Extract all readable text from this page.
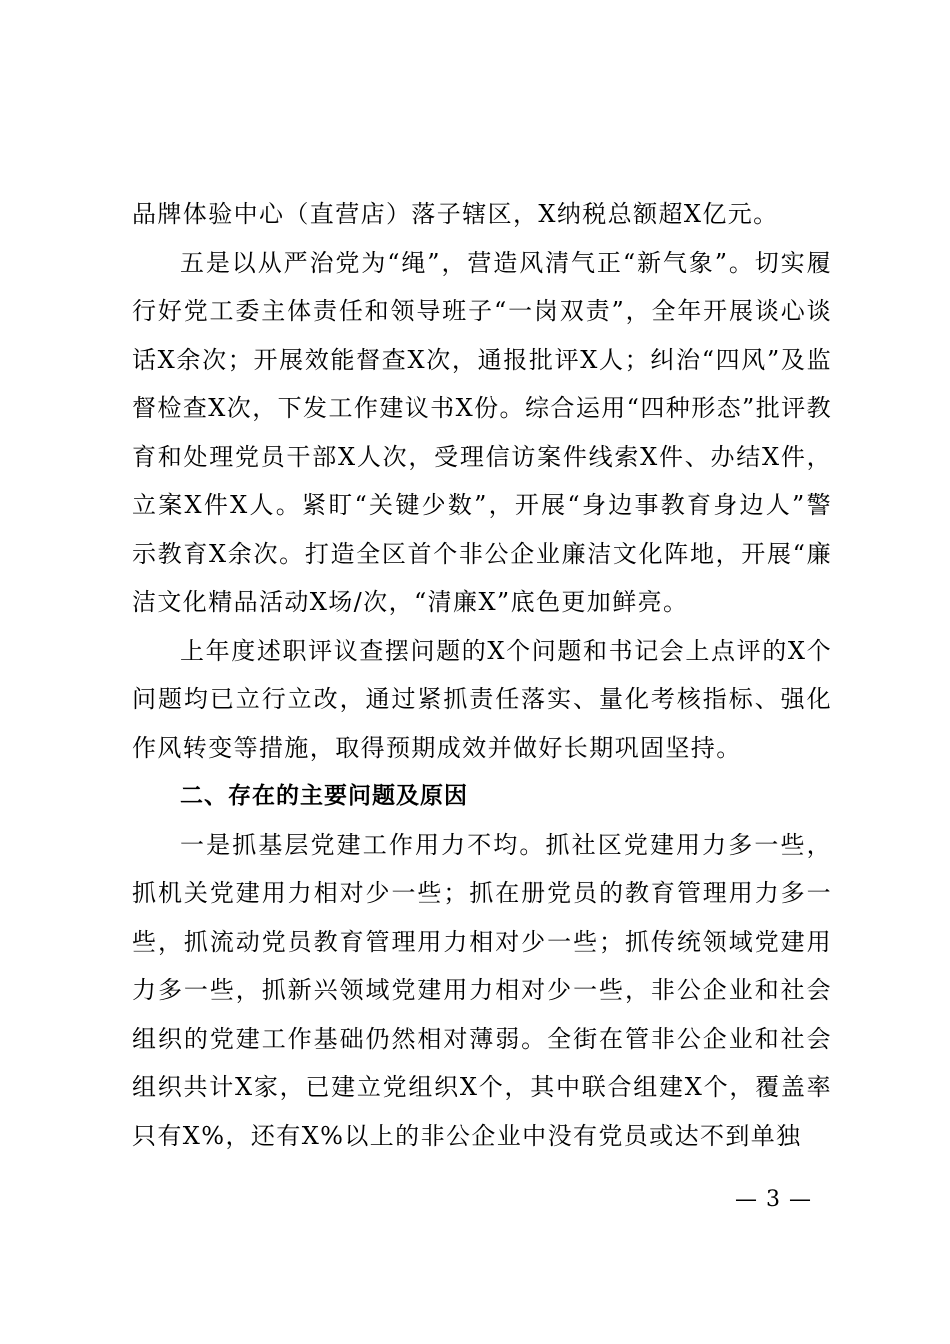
品牌体验中心（直营店）落子辖区，X纳税总额超X亿元。

五是以从严治党为“绳”，营造风清气正“新气象”。切实履行好党工委主体责任和领导班子“一岗双责”，全年开展谈心谈话X余次；开展效能督查X次，通报批评X人；纠治“四风”及监督检查X次，下发工作建议书X份。综合运用“四种形态”批评教育和处理党员干部X人次，受理信访案件线索X件、办结X件，立案X件X人。紧盯“关键少数”，开展“身边事教育身边人”警示教育X余次。打造全区首个非公企业廉洁文化阵地，开展“廉洁文化精品活动X场/次，“清廉X”底色更加鲜亮。

上年度述职评议查摆问题的X个问题和书记会上点评的X个问题均已立行立改，通过紧抓责任落实、量化考核指标、强化作风转变等措施，取得预期成效并做好长期巩固坚持。

二、存在的主要问题及原因

一是抓基层党建工作用力不均。抓社区党建用力多一些，抓机关党建用力相对少一些；抓在册党员的教育管理用力多一些，抓流动党员教育管理用力相对少一些；抓传统领域党建用力多一些，抓新兴领域党建用力相对少一些，非公企业和社会组织的党建工作基础仍然相对薄弱。全街在管非公企业和社会组织共计X家，已建立党组织X个，其中联合组建X个，覆盖率只有X%，还有X%以上的非公企业中没有党员或达不到单独

— 3 —
